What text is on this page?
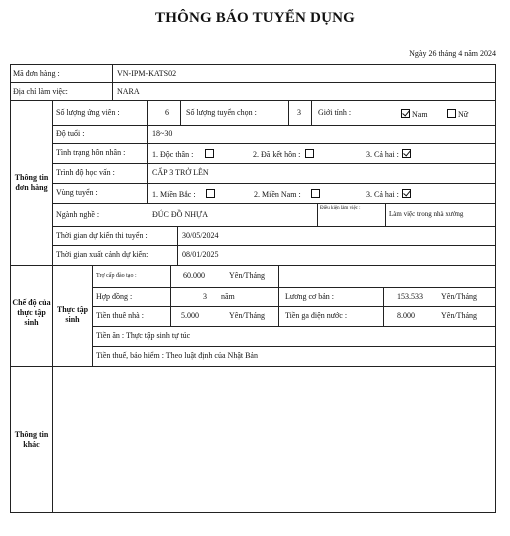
THÔNG BÁO TUYỂN DỤNG
Ngày 26 tháng 4 năm 2024
Mã đơn hàng :	VN-IPM-KATS02
Địa chỉ làm việc:	NARA
Thông tin đơn hàng
Số lượng ứng viên :	6 Số lượng tuyển chọn :	3 Giới tính :	Nam	Nữ
Độ tuổi :	18~30
Tình trạng hôn nhân :	1. Độc thân :	2. Đã kết hôn :	3. Cả hai :
Trình độ học vấn :	CẤP 3 TRỞ LÊN
Vùng tuyển :	1. Miền Bắc :	2. Miền Nam :	3. Cả hai :
Ngành nghề :	ĐÚC ĐỒ NHỰA
Điều kiện làm việc :
Làm việc trong nhà xưởng
Thời gian dự kiến thi tuyển :	30/05/2024
Thời gian xuất cảnh dự kiến:	08/01/2025
Chế độ của thực tập sinh
Thực tập sinh
Trợ cấp đào tạo :	60.000	Yên/Tháng
Hợp đồng :	3 năm	Lương cơ bản :	153.533 Yên/Tháng
Tiền thuê nhà :	5.000	Yên/Tháng	Tiền ga điện nước :	8.000	Yên/Tháng
Tiền ăn : Thực tập sinh tự túc
Tiền thuế, bảo hiểm : Theo luật định của Nhật Bản
Thông tin khác
